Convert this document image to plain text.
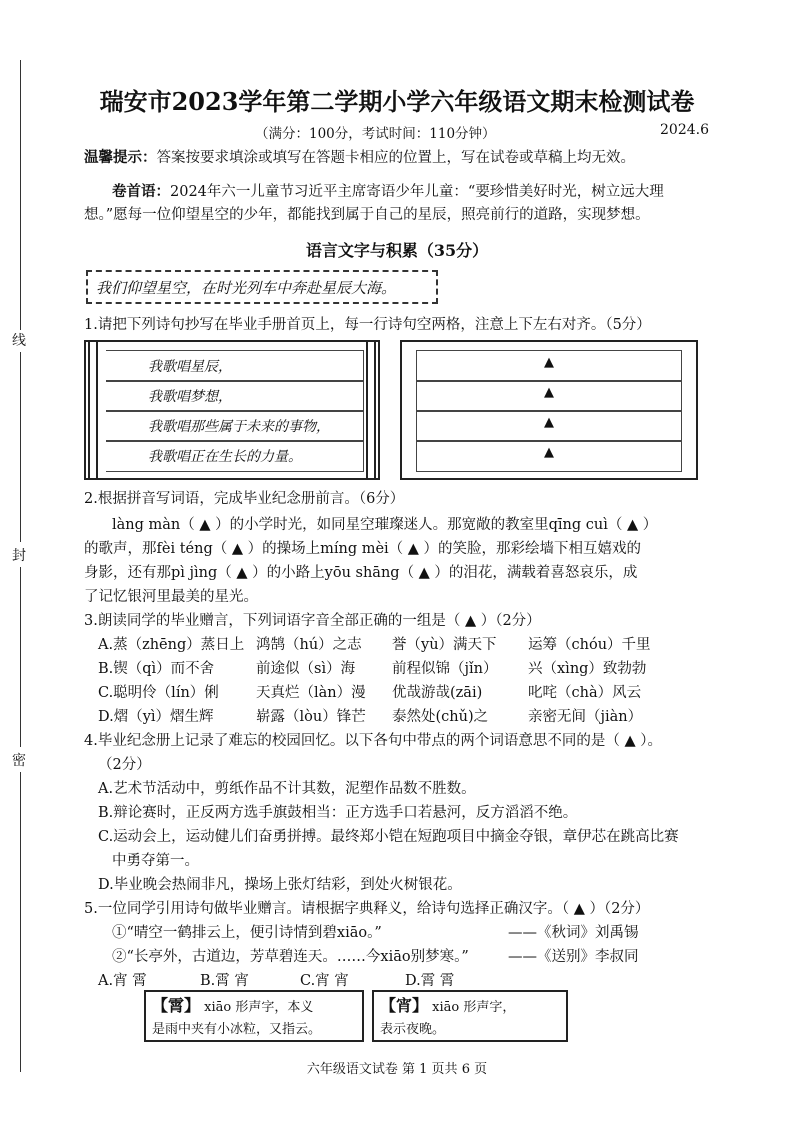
瑞安市2023学年第二学期小学六年级语文期末检测试卷
（满分：100分，考试时间：110分钟）	2024.6
温馨提示：答案按要求填涂或填写在答题卡相应的位置上，写在试卷或草稿上均无效。
卷首语：2024年六一儿童节习近平主席寄语少年儿童：“要珍惜美好时光，树立远大理
想。”愿每一位仰望星空的少年，都能找到属于自己的星辰，照亮前行的道路，实现梦想。
语言文字与积累（35分）
我们仰望星空，在时光列车中奔赴星辰大海。
线
封
密
1.请把下列诗句抄写在毕业手册首页上，每一行诗句空两格，注意上下左右对齐。（5分）
我歌唱星辰，
我歌唱梦想，
我歌唱那些属于未来的事物，
我歌唱正在生长的力量。
▲
▲
▲
▲
2.根据拼音写词语，完成毕业纪念册前言。（6分）
làng màn（ ▲ ）的小学时光，如同星空璀璨迷人。那宽敞的教室里qīng cuì（ ▲ ）
的歌声，那fèi téng（ ▲ ）的操场上míng mèi（ ▲ ）的笑脸，那彩绘墙下相互嬉戏的
身影，还有那pì jìng（ ▲ ）的小路上yōu shāng（ ▲ ）的泪花，满载着喜怒哀乐，成
了记忆银河里最美的星光。
3.朗读同学的毕业赠言，下列词语字音全部正确的一组是（ ▲ ）（2分）
A.蒸（zhēng）蒸日上 鸿鹄（hú）之志 誉（yù）满天下 运筹（chóu）千里
B.锲（qì）而不舍	前途似（sì）海	前程似锦（jǐn） 兴（xìng）致勃勃
C.聪明伶（lín）俐	天真烂（làn）漫 优哉游哉(zāi)	叱咤（chà）风云
D.熠（yì）熠生辉	崭露（lòu）锋芒 泰然处(chǔ)之	亲密无间（jiàn）
4.毕业纪念册上记录了难忘的校园回忆。以下各句中带点的两个词语意思不同的是（ ▲ ）。
（2分）
A.艺术节活动中，剪纸作品不计其数，泥塑作品数不胜数。
B.辩论赛时，正反两方选手旗鼓相当：正方选手口若悬河，反方滔滔不绝。
C.运动会上，运动健儿们奋勇拼搏。最终郑小铠在短跑项目中摘金夺银，章伊芯在跳高比赛
中勇夺第一。
D.毕业晚会热闹非凡，操场上张灯结彩，到处火树银花。
5.一位同学引用诗句做毕业赠言。请根据字典释义，给诗句选择正确汉字。（ ▲ ）（2分）
①“晴空一鹤排云上，便引诗情到碧xiāo。”	——《秋词》刘禹锡
②“长亭外，古道边，芳草碧连天。……今xiāo别梦寒。”	——《送别》李叔同
A.宵 霄	B.霄 宵	C.宵 宵	D.霄 霄
【霄】 xiāo 形声字，本义
是雨中夹有小冰粒，又指云。
【宵】 xiāo 形声字，
表示夜晚。
六年级语文试卷 第 1 页共 6 页
